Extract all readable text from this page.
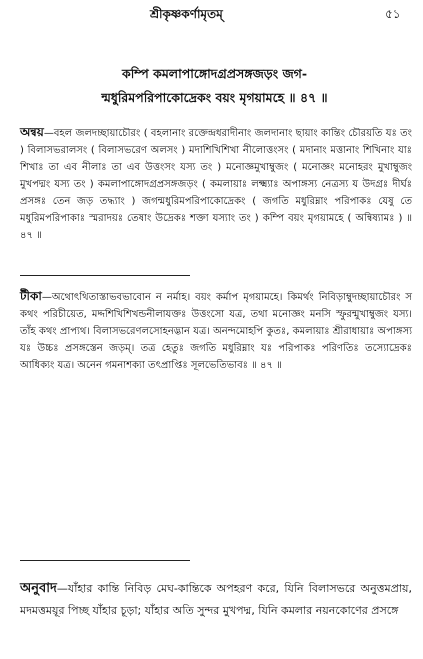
শ্রীকৃষ্ণকর্ণামৃতম্	৫১
কম্পি কমলাপাঙ্গোদগ্রপ্রসঙ্গজড়ং জগ-
ন্মধুরিমপরিপাকোদ্রেকং বয়ং মৃগয়ামহে ॥ ৪৭ ॥
অন্বয়—বহল জলদচ্ছায়াচৌরং ( বহলানাং রক্তেন্দ্রধরাদীনাং জলদানাং ছায়াং কান্তিং চৌরয়তি যঃ তং ) বিলাসভরালসং ( বিলাসভরেণ অলসং ) মদাশিখিশিখা নীলোত্তংসং ( মদানাং মত্তানাং শিখিনাং যাঃ শিখাঃ তা এব নীলাঃ তা এব উত্তংসং যস্য তং ) মনোজ্ঞমুখাম্বুজং ( মনোজ্ঞং মনোহরং মুখাম্বুজং মুখপদ্মং যস্য তং ) কমলাপাঙ্গোদগ্রপ্রসঙ্গজড়ং ( কমলায়াঃ লক্ষ্ম্যাঃ অপাঙ্গস্য নেত্রস্য য উদগ্রঃ দীর্ঘঃ প্রসঙ্গঃ তেন জড় তদ্ধ্যাং ) জগন্মধুরিমপরিপাকোদ্রেকং ( জগতি মধুরিম্নাং পরিপাকঃ যেষু তে মধুরিমপরিপাকাঃ স্মরাদয়ঃ তেষাং উদ্রেকঃ শক্তা যস্যাং তং ) কম্পি বয়ং মৃগয়ামহে ( অন্বিষ্যামঃ ) ॥ ৪৭ ॥
টীকা—অথোৎথিতাস্তাভবভাবোন ন নর্মাহ। বয়ং কর্মাপ মৃগয়ামহে। কিমর্থং নিবিড়াম্বুদচ্ছায়াচৌরং স কথং পরিচীয়েত, মদ্দশিখিশিখন্ডনীলাযক্তঃ উত্তংসো যত্র, তথা মনোজ্ঞং মনসি স্ফুরন্মুখাম্বুজং যস্য। তাঁহ কথং প্রাপ্যথ। বিলাসভরেণলসোহনদ্ভান যত্র। অনন্দমোহপি কুতঃ, কমলায়াঃ শ্রীরাধায়াঃ অপাঙ্গস্য যঃ উচ্চঃ প্রসঙ্গস্তেন জড়ম্। তত্র হেতুঃ জগতি মধুরিম্নাং যঃ পরিপাকঃ পরিণতিঃ তস্যোদ্রেকঃ আধিক্যং যত্র। অনেন গমনাশক্যা তৎপ্রাপ্তিঃ সূলভেতিভাবঃ ॥ ৪৭ ॥
অনুবাদ—যাঁহার কান্তি নিবিড় মেঘ-কান্তিকে অপহরণ করে, যিনি বিলাসভরে অনুত্তমপ্রায়, মদমত্তময়ূর পিচ্ছ যাঁহার চূড়া; যাঁহার অতি সুন্দর মুখপদ্ম, যিনি কমলার নয়নকোণের প্রসঙ্গে
